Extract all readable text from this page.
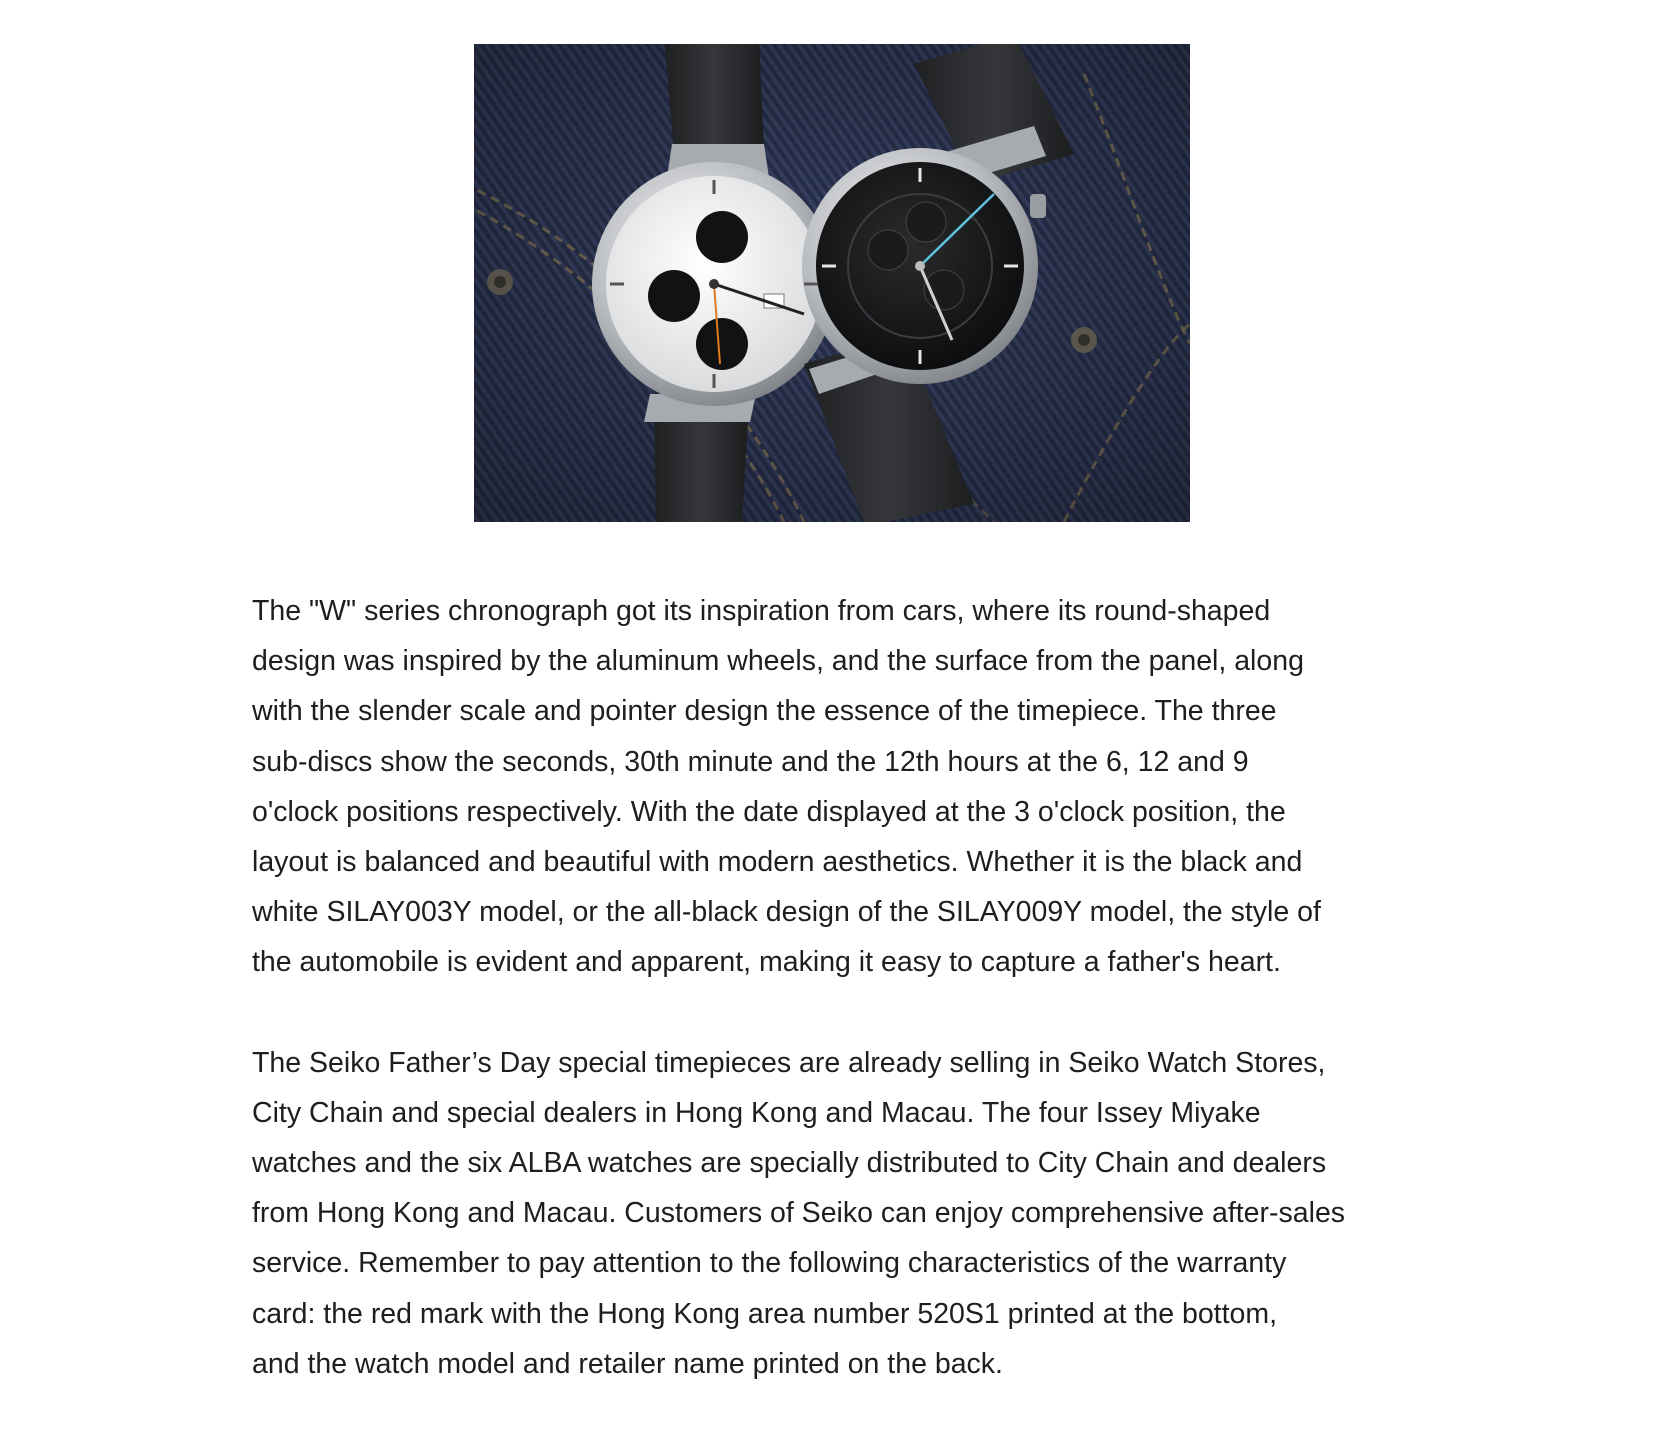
The "W" series chronograph got its inspiration from cars, where its round-shaped
design was inspired by the aluminum wheels, and the surface from the panel, along
with the slender scale and pointer design the essence of the timepiece. The three
sub-discs show the seconds, 30th minute and the 12th hours at the 6, 12 and 9
o'clock positions respectively. With the date displayed at the 3 o'clock position, the
layout is balanced and beautiful with modern aesthetics. Whether it is the black and
white SILAY003Y model, or the all-black design of the SILAY009Y model, the style of
the automobile is evident and apparent, making it easy to capture a father's heart.

The Seiko Father’s Day special timepieces are already selling in Seiko Watch Stores,
City Chain and special dealers in Hong Kong and Macau. The four Issey Miyake
watches and the six ALBA watches are specially distributed to City Chain and dealers
from Hong Kong and Macau. Customers of Seiko can enjoy comprehensive after-sales
service. Remember to pay attention to the following characteristics of the warranty
card: the red mark with the Hong Kong area number 520S1 printed at the bottom,
and the watch model and retailer name printed on the back.
